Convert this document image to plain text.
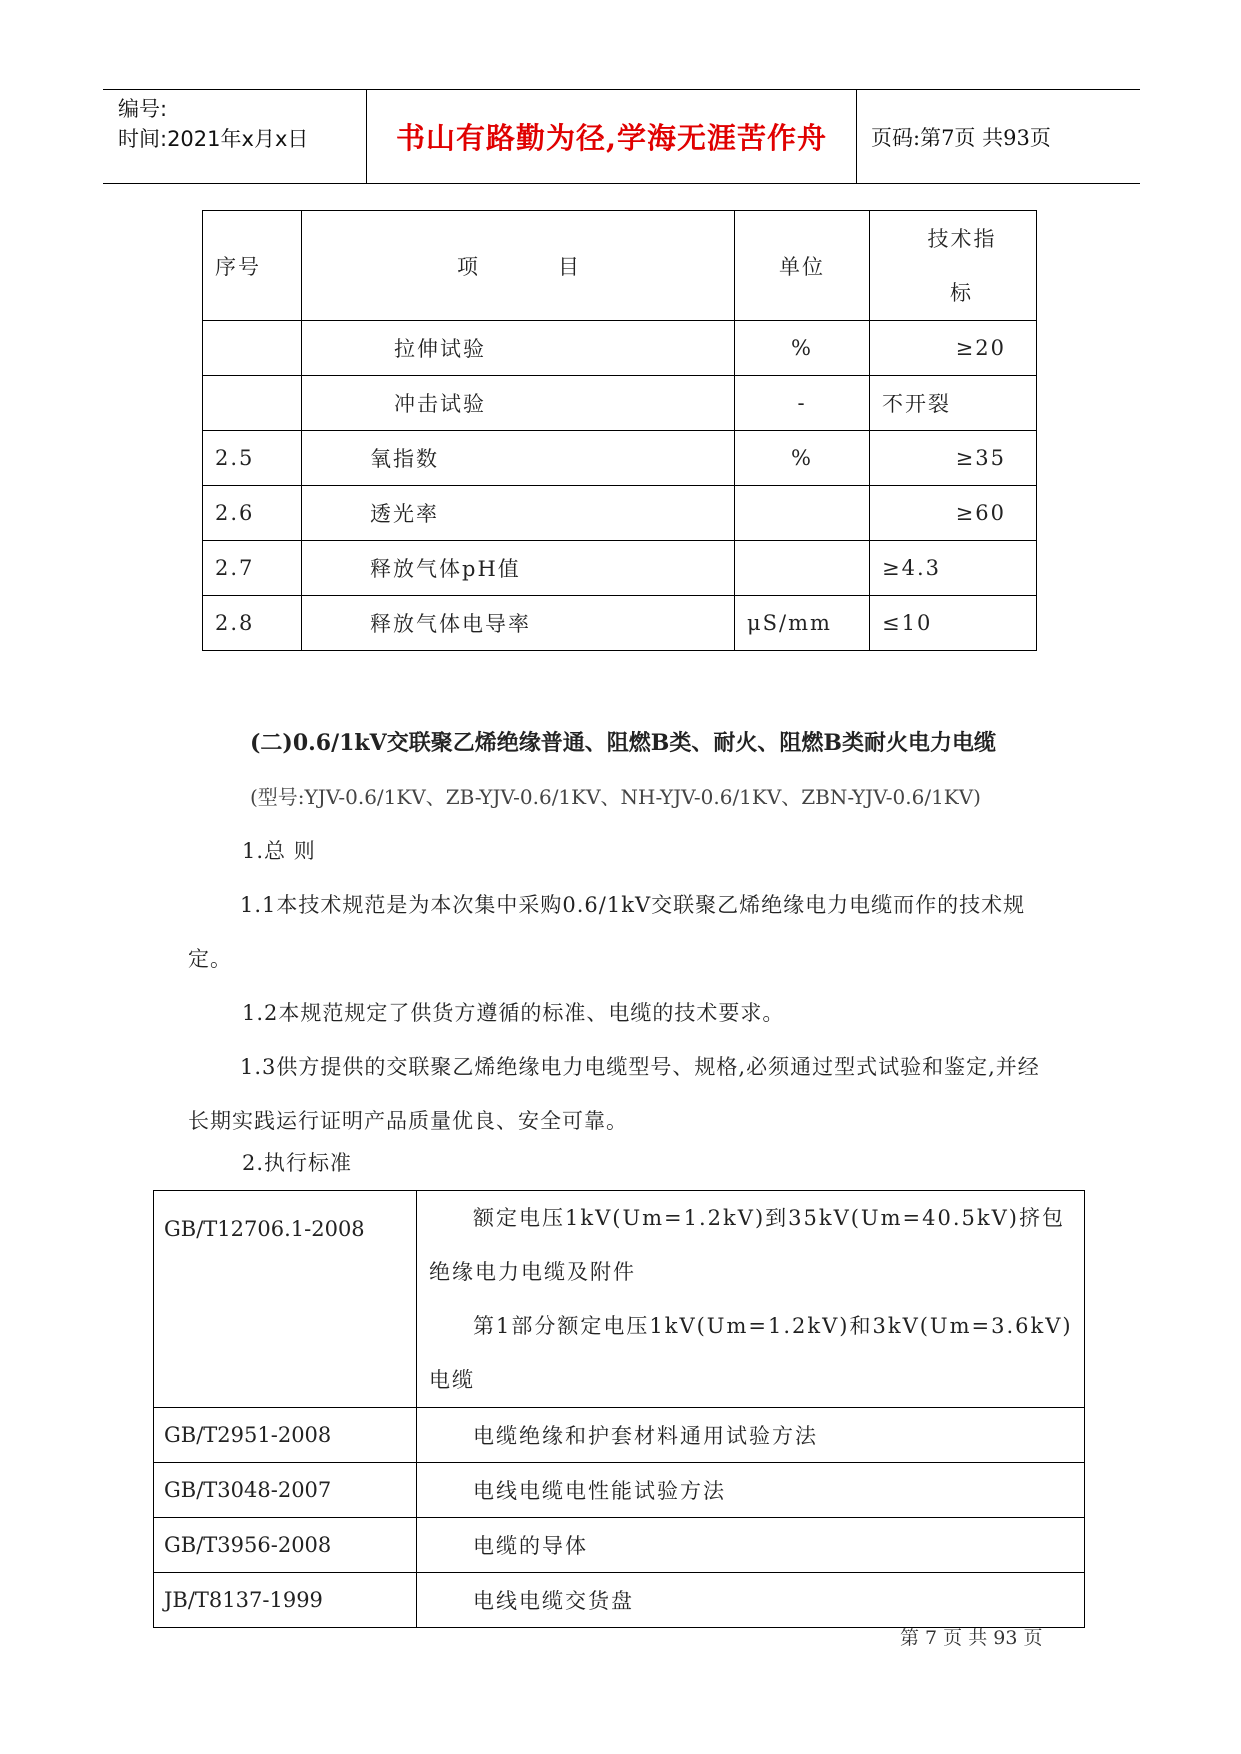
编号:
时间:2021年x月x日	书山有路勤为径,学海无涯苦作舟	页码:第7页 共93页
序号	项 目	单位	技术指
标

	拉伸试验	%	≥20
	冲击试验	-	不开裂
2.5	氧指数	%	≥35
2.6	透光率		≥60
2.7	释放气体pH值		≥4.3
2.8	释放气体电导率	μS/mm	≤10
(二)0.6/1kV交联聚乙烯绝缘普通、阻燃B类、耐火、阻燃B类耐火电力电缆
(型号:YJV-0.6/1KV、ZB-YJV-0.6/1KV、NH-YJV-0.6/1KV、ZBN-YJV-0.6/1KV)
1.总 则
1.1本技术规范是为本次集中采购0.6/1kV交联聚乙烯绝缘电力电缆而作的技术规定。
1.2本规范规定了供货方遵循的标准、电缆的技术要求。
1.3供方提供的交联聚乙烯绝缘电力电缆型号、规格,必须通过型式试验和鉴定,并经长期实践运行证明产品质量优良、安全可靠。
2.执行标准
GB/T12706.1-2008	额定电压1kV(Um=1.2kV)到35kV(Um=40.5kV)挤包绝缘电力电缆及附件
第1部分额定电压1kV(Um=1.2kV)和3kV(Um=3.6kV)电缆

GB/T2951-2008	电缆绝缘和护套材料通用试验方法
GB/T3048-2007	电线电缆电性能试验方法
GB/T3956-2008	电缆的导体
JB/T8137-1999	电线电缆交货盘
第 7 页 共 93 页
